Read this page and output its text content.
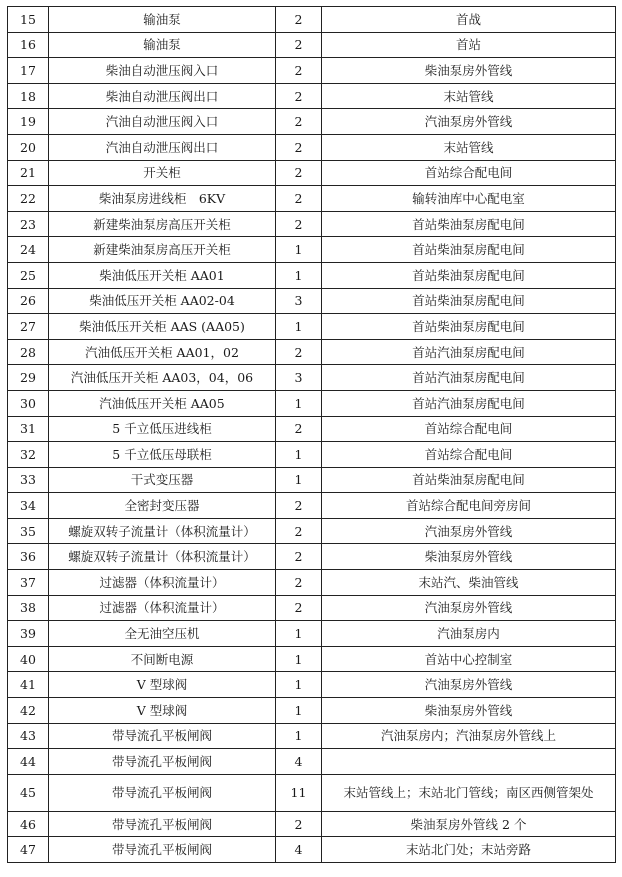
15	输油泵	2	首战
16	输油泵	2	首站
17	柴油自动泄压阀入口	2	柴油泵房外管线
18	柴油自动泄压阀出口	2	末站管线
19	汽油自动泄压阀入口	2	汽油泵房外管线
20	汽油自动泄压阀出口	2	末站管线
21	开关柜	2	首站综合配电间
22	柴油泵房进线柜　6KV	2	输转油库中心配电室
23	新建柴油泵房高压开关柜	2	首站柴油泵房配电间
24	新建柴油泵房高压开关柜	1	首站柴油泵房配电间
25	柴油低压开关柜 AA01	1	首站柴油泵房配电间
26	柴油低压开关柜 AA02-04	3	首站柴油泵房配电间
27	柴油低压开关柜 AAS (AA05)	1	首站柴油泵房配电间
28	汽油低压开关柜 AA01，02	2	首站汽油泵房配电间
29	汽油低压开关柜 AA03，04，06	3	首站汽油泵房配电间
30	汽油低压开关柜 AA05	1	首站汽油泵房配电间
31	5 千立低压进线柜	2	首站综合配电间
32	5 千立低压母联柜	1	首站综合配电间
33	干式变压器	1	首站柴油泵房配电间
34	全密封变压器	2	首站综合配电间旁房间
35	螺旋双转子流量计（体积流量计）	2	汽油泵房外管线
36	螺旋双转子流量计（体积流量计）	2	柴油泵房外管线
37	过滤器（体积流量计）	2	末站汽、柴油管线
38	过滤器（体积流量计）	2	汽油泵房外管线
39	全无油空压机	1	汽油泵房内
40	不间断电源	1	首站中心控制室
41	V 型球阀	1	汽油泵房外管线
42	V 型球阀	1	柴油泵房外管线
43	带导流孔平板闸阀	1	汽油泵房内；汽油泵房外管线上
44	带导流孔平板闸阀	4	
45	带导流孔平板闸阀	11	末站管线上；末站北门管线；南区西侧管架处
46	带导流孔平板闸阀	2	柴油泵房外管线 2 个
47	带导流孔平板闸阀	4	末站北门处；末站旁路
